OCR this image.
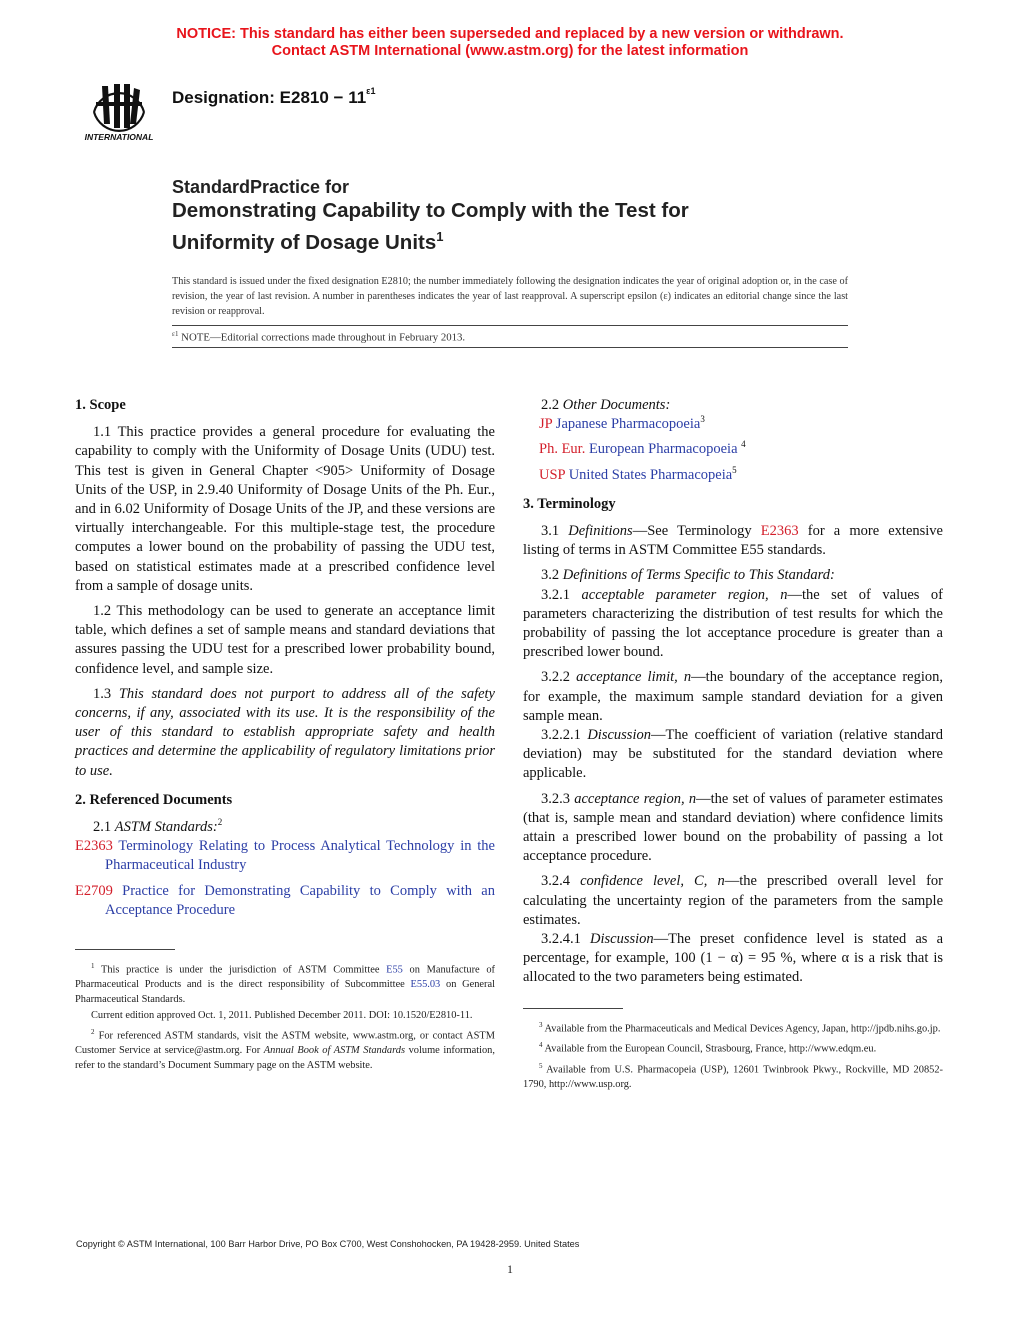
NOTICE: This standard has either been superseded and replaced by a new version or withdrawn.
Contact ASTM International (www.astm.org) for the latest information
INTERNATIONAL
Designation: $E2810 - 11^{\varepsilon 1}$
StandardPractice for
Demonstrating Capability to Comply with the Test for
Uniformity of Dosage Units$^1$
This standard is issued under the fixed designation E2810; the number immediately following the designation indicates the year of original adoption or, in the case of revision, the year of last revision. A number in parentheses indicates the year of last reapproval. A superscript epsilon (ε) indicates an editorial change since the last revision or reapproval.
$^{\varepsilon 1}$ NOTE—Editorial corrections made throughout in February 2013.
1. Scope

1.1 This practice provides a general procedure for evaluating the capability to comply with the Uniformity of Dosage Units (UDU) test. This test is given in General Chapter <905> Uniformity of Dosage Units of the USP, in 2.9.40 Uniformity of Dosage Units of the Ph. Eur., and in 6.02 Uniformity of Dosage Units of the JP, and these versions are virtually interchangeable. For this multiple-stage test, the procedure computes a lower bound on the probability of passing the UDU test, based on statistical estimates made at a prescribed confidence level from a sample of dosage units.

1.2 This methodology can be used to generate an acceptance limit table, which defines a set of sample means and standard deviations that assures passing the UDU test for a prescribed lower probability bound, confidence level, and sample size.

1.3 This standard does not purport to address all of the safety concerns, if any, associated with its use. It is the responsibility of the user of this standard to establish appropriate safety and health practices and determine the applicability of regulatory limitations prior to use.

2. Referenced Documents

2.1 ASTM Standards:$^2$

E2363 Terminology Relating to Process Analytical Technology in the Pharmaceutical Industry

E2709 Practice for Demonstrating Capability to Comply with an Acceptance Procedure

$^1$ This practice is under the jurisdiction of ASTM Committee E55 on Manufacture of Pharmaceutical Products and is the direct responsibility of Subcommittee E55.03 on General Pharmaceutical Standards.

Current edition approved Oct. 1, 2011. Published December 2011. DOI: 10.1520/E2810-11.

$^2$ For referenced ASTM standards, visit the ASTM website, www.astm.org, or contact ASTM Customer Service at service@astm.org. For Annual Book of ASTM Standards volume information, refer to the standard’s Document Summary page on the ASTM website.

2.2 Other Documents:

JP Japanese Pharmacopoeia$^3$

Ph. Eur. European Pharmacopoeia $^4$

USP United States Pharmacopeia$^5$

3. Terminology

3.1 Definitions—See Terminology E2363 for a more extensive listing of terms in ASTM Committee E55 standards.

3.2 Definitions of Terms Specific to This Standard:

3.2.1 acceptable parameter region, n—the set of values of parameters characterizing the distribution of test results for which the probability of passing the lot acceptance procedure is greater than a prescribed lower bound.

3.2.2 acceptance limit, n—the boundary of the acceptance region, for example, the maximum sample standard deviation for a given sample mean.

3.2.2.1 Discussion—The coefficient of variation (relative standard deviation) may be substituted for the standard deviation where applicable.

3.2.3 acceptance region, n—the set of values of parameter estimates (that is, sample mean and standard deviation) where confidence limits attain a prescribed lower bound on the probability of passing a lot acceptance procedure.

3.2.4 confidence level, C, n—the prescribed overall level for calculating the uncertainty region of the parameters from the sample estimates.

3.2.4.1 Discussion—The preset confidence level is stated as a percentage, for example, 100 (1 − α) = 95 %, where α is a risk that is allocated to the two parameters being estimated.

$^3$ Available from the Pharmaceuticals and Medical Devices Agency, Japan, http://jpdb.nihs.go.jp.

$^4$ Available from the European Council, Strasbourg, France, http://www.edqm.eu.

$^5$ Available from U.S. Pharmacopeia (USP), 12601 Twinbrook Pkwy., Rockville, MD 20852-1790, http://www.usp.org.

Copyright © ASTM International, 100 Barr Harbor Drive, PO Box C700, West Conshohocken, PA 19428-2959. United States
1
